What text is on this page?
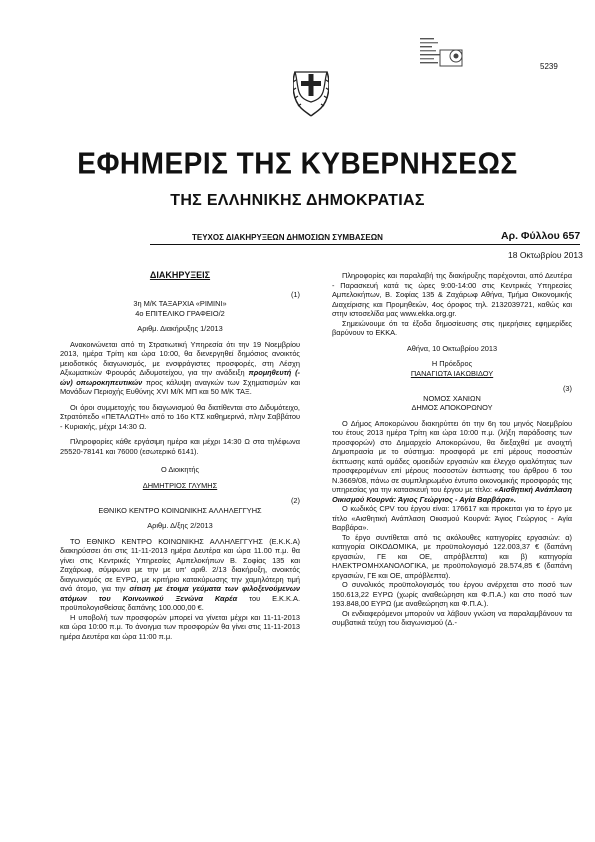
5239
ΕΦΗΜΕΡΙΣ ΤΗΣ ΚΥΒΕΡΝΗΣΕΩΣ
ΤΗΣ ΕΛΛΗΝΙΚΗΣ ΔΗΜΟΚΡΑΤΙΑΣ
ΤΕΥΧΟΣ ΔΙΑΚΗΡΥΞΕΩΝ ΔΗΜΟΣΙΩΝ ΣΥΜΒΑΣΕΩΝ	Αρ. Φύλλου 657
18 Οκτωβρίου 2013

ΔΙΑΚΗΡΥΞΕΙΣ

(1)

3η Μ/Κ ΤΑΞΑΡΧΙΑ «ΡΙΜΙΝΙ»

4ο ΕΠΙΤΕΛΙΚΟ ΓΡΑΦΕΙΟ/2

Αριθμ. Διακήρυξης 1/2013

Ανακοινώνεται από τη Στρατιωτική Υπηρεσία ότι την 19 Νοεμβρίου 2013, ημέρα Τρίτη και ώρα 10:00, θα διενεργηθεί δημόσιος ανοικτός μειοδοτικός διαγωνισμός, με ενσφράγιστες προσφορές, στη Λέσχη Αξιωματικών Φρουράς Διδυμοτείχου, για την ανάδειξη προμηθευτή (-ών) οπωροκηπευτικών προς κάλυψη αναγκών των Σχηματισμών και Μονάδων Περιοχής Ευθύνης XVI Μ/Κ ΜΠ και 50 Μ/Κ ΤΑΞ.

Οι όροι συμμετοχής του διαγωνισμού θα διατίθενται στο Διδυμότειχο, Στρατόπεδο «ΠΕΤΑΛΩΤΗ» από το 16ο ΚΤΣ καθημερινά, πλην Σαββάτου - Κυριακής, μέχρι 14:30 Ω.

Πληροφορίες κάθε εργάσιμη ημέρα και μέχρι 14:30 Ω στα τηλέφωνα 25520-78141 και 76000 (εσωτερικό 6141).

Ο Διοικητής

ΔΗΜΗΤΡΙΟΣ ΓΛΥΜΗΣ

(2)

ΕΘΝΙΚΟ ΚΕΝΤΡΟ ΚΟΙΝΩΝΙΚΗΣ ΑΛΛΗΛΕΓΓΥΗΣ

Αριθμ. Δ/ξης 2/2013

ΤΟ ΕΘΝΙΚΟ ΚΕΝΤΡΟ ΚΟΙΝΩΝΙΚΗΣ ΑΛΛΗΛΕΓΓΥΗΣ (Ε.Κ.Κ.Α) διακηρύσσει ότι στις 11-11-2013 ημέρα Δευτέρα και ώρα 11.00 π.μ. θα γίνει στις Κεντρικές Υπηρεσίες Αμπελοκήπων Β. Σοφίας 135 και Ζαχάρωφ, σύμφωνα με την με υπ' αριθ. 2/13 διακήρυξη, ανοικτός διαγωνισμός σε ΕΥΡΩ, με κριτήριο κατακύρωσης την χαμηλότερη τιμή ανά άτομο, για την σίτιση με έτοιμα γεύματα των φιλοξενούμενων ατόμων του Κοινωνικού Ξενώνα Καρέα του Ε.Κ.Κ.Α. προϋπολογισθείσας δαπάνης 100.000,00 €.

Η υποβολή των προσφορών μπορεί να γίνεται μέχρι και 11-11-2013 και ώρα 10:00 π.μ. Το άνοιγμα των προσφορών θα γίνει στις 11-11-2013 ημέρα Δευτέρα και ώρα 11:00 π.μ.

Πληροφορίες και παραλαβή της διακήρυξης παρέχονται, από Δευτέρα - Παρασκευή κατά τις ώρες 9:00-14:00 στις Κεντρικές Υπηρεσίες Αμπελοκήπων, Β. Σοφίας 135 & Ζαχάρωφ Αθήνα, Τμήμα Οικονομικής Διαχείρισης και Προμηθειών, 4ος όροφος τηλ. 2132039721, καθώς και στην ιστοσελίδα μας www.ekka.org.gr.

Σημειώνουμε ότι τα έξοδα δημοσίευσης στις ημερήσιες εφημερίδες βαρύνουν το ΕΚΚΑ.

Αθήνα, 10 Οκτωβρίου 2013

Η Πρόεδρος

ΠΑΝΑΓΙΩΤΑ ΙΑΚΩΒΙΔΟΥ

(3)

ΝΟΜΟΣ ΧΑΝΙΩΝ

ΔΗΜΟΣ ΑΠΟΚΟΡΩΝΟΥ

Ο Δήμος Αποκορώνου διακηρύττει ότι την 6η του μηνός Νοεμβρίου του έτους 2013 ημέρα Τρίτη και ώρα 10:00 π.μ. (λήξη παράδοσης των προσφορών) στο Δημαρχείο Αποκορώνου, θα διεξαχθεί με ανοιχτή Δημοπρασία με το σύστημα: προσφορά με επί μέρους ποσοστών έκπτωσης κατά ομάδες ομοειδών εργασιών και έλεγχο ομαλότητας των προσφερομένων επί μέρους ποσοστών έκπτωσης του άρθρου 6 του Ν.3669/08, πάνω σε συμπληρωμένο έντυπο οικονομικής προσφοράς της υπηρεσίας για την κατασκευή του έργου με τίτλο: «Αισθητική Ανάπλαση Οικισμού Κουρνά: Άγιος Γεώργιος - Αγία Βαρβάρα».

Ο κωδικός CPV του έργου είναι: 176617 και προκειται για το έργο με τίτλο «Αισθητική Ανάπλαση Οικισμού Κουρνά: Άγιος Γεώργιος - Αγία Βαρβάρα».

Το έργο συντίθεται από τις ακόλουθες κατηγορίες εργασιών: α) κατηγορία ΟΙΚΟΔΟΜΙΚΑ, με προϋπολογισμό 122.003,37 € (δαπάνη εργασιών, ΓΕ και ΟΕ, απρόβλεπτα) και β) κατηγορία ΗΛΕΚΤΡΟΜΗΧΑΝΟΛΟΓΙΚΑ, με προϋπολογισμό 28.574,85 € (δαπάνη εργασιών, ΓΕ και ΟΕ, απρόβλεπτα).

Ο συνολικός προϋπολογισμός του έργου ανέρχεται στο ποσό των 150.613,22 ΕΥΡΩ (χωρίς αναθεώρηση και Φ.Π.Α.) και στο ποσό των 193.848,00 ΕΥΡΩ (με αναθεώρηση και Φ.Π.Α.).

Οι ενδιαφερόμενοι μπορούν να λάβουν γνώση να παραλαμβάνουν τα συμβατικά τεύχη του διαγωνισμού (Δ.-
